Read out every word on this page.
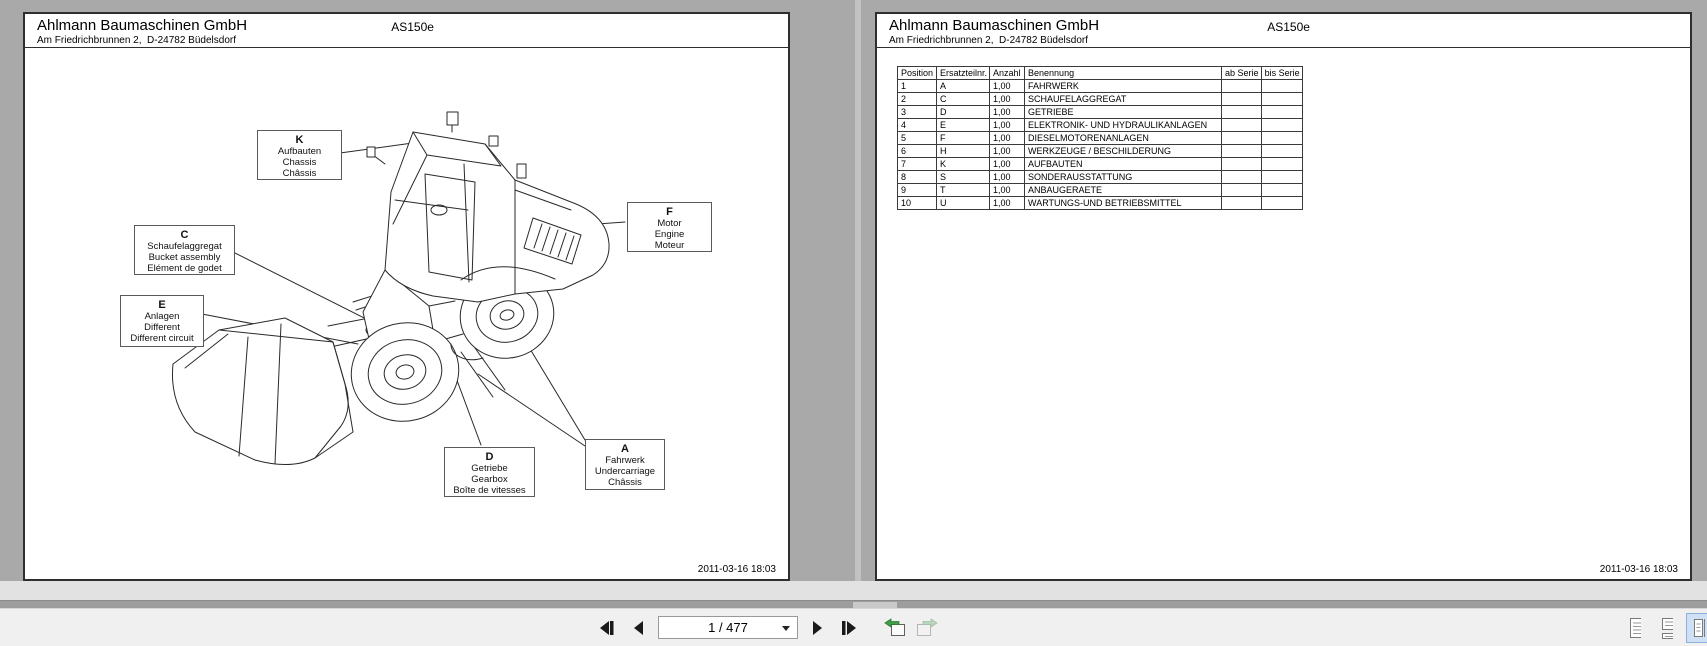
Ahlmann Baumaschinen GmbH
Am Friedrichbrunnen 2,  D-24782 Büdelsdorf
AS150e
K
Aufbauten
Chassis
Châssis
C
Schaufelaggregat
Bucket assembly
Elément de godet
E
Anlagen
Different
Different circuit
F
Motor
Engine
Moteur
D
Getriebe
Gearbox
Boîte de vitesses
A
Fahrwerk
Undercarriage
Châssis
2011-03-16 18:03
Ahlmann Baumaschinen GmbH
Am Friedrichbrunnen 2,  D-24782 Büdelsdorf
AS150e
Position	Ersatzteilnr.	Anzahl	Benennung	ab Serie	bis Serie
1	A	1,00	FAHRWERK		
2	C	1,00	SCHAUFELAGGREGAT		
3	D	1,00	GETRIEBE		
4	E	1,00	ELEKTRONIK- UND HYDRAULIKANLAGEN		
5	F	1,00	DIESELMOTORENANLAGEN		
6	H	1,00	WERKZEUGE / BESCHILDERUNG		
7	K	1,00	AUFBAUTEN		
8	S	1,00	SONDERAUSSTATTUNG		
9	T	1,00	ANBAUGERAETE		
10	U	1,00	WARTUNGS-UND BETRIEBSMITTEL		
2011-03-16 18:03
1 / 477
